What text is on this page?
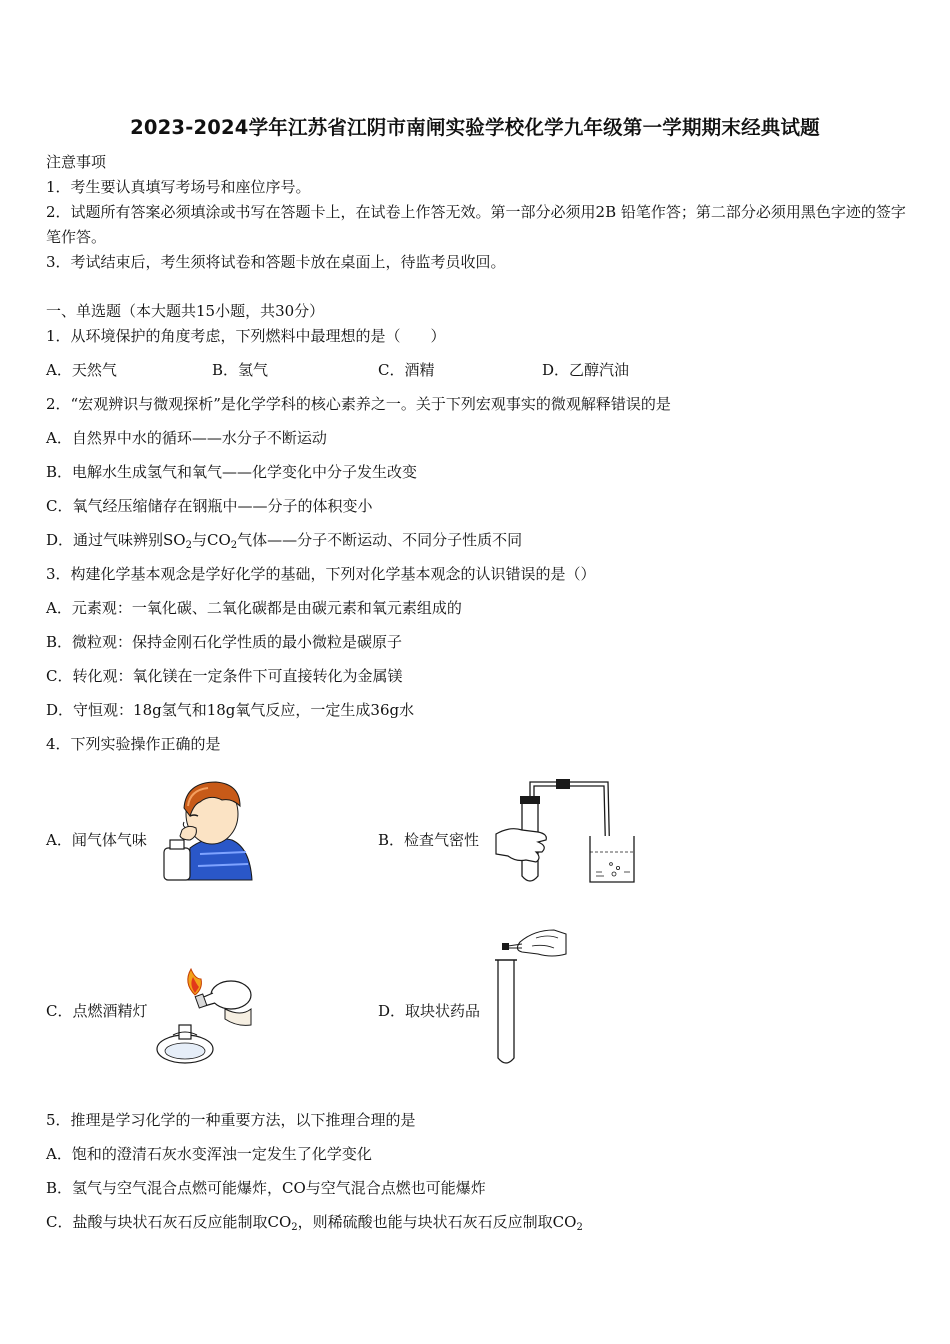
2023-2024学年江苏省江阴市南闸实验学校化学九年级第一学期期末经典试题
注意事项
1．考生要认真填写考场号和座位序号。
2．试题所有答案必须填涂或书写在答题卡上，在试卷上作答无效。第一部分必须用2B 铅笔作答；第二部分必须用黑色字迹的签字笔作答。
3．考试结束后，考生须将试卷和答题卡放在桌面上，待监考员收回。
一、单选题（本大题共15小题，共30分）
1．从环境保护的角度考虑，下列燃料中最理想的是（　　）
A．天然气	B．氢气	C．酒精	D．乙醇汽油
2．“宏观辨识与微观探析”是化学学科的核心素养之一。关于下列宏观事实的微观解释错误的是
A．自然界中水的循环——水分子不断运动
B．电解水生成氢气和氧气——化学变化中分子发生改变
C．氧气经压缩储存在钢瓶中——分子的体积变小
D．通过气味辨别$SO_2$与$CO_2$气体——分子不断运动、不同分子性质不同
3．构建化学基本观念是学好化学的基础，下列对化学基本观念的认识错误的是（）
A．元素观：一氧化碳、二氧化碳都是由碳元素和氧元素组成的
B．微粒观：保持金刚石化学性质的最小微粒是碳原子
C．转化观：氧化镁在一定条件下可直接转化为金属镁
D．守恒观：18g氢气和18g氧气反应，一定生成36g水
4．下列实验操作正确的是
A．闻气体气味	B．检查气密性
C．点燃酒精灯	D．取块状药品
5．推理是学习化学的一种重要方法，以下推理合理的是
A．饱和的澄清石灰水变浑浊一定发生了化学变化
B．氢气与空气混合点燃可能爆炸，CO与空气混合点燃也可能爆炸
C．盐酸与块状石灰石反应能制取$CO_2$，则稀硫酸也能与块状石灰石反应制取$CO_2$
